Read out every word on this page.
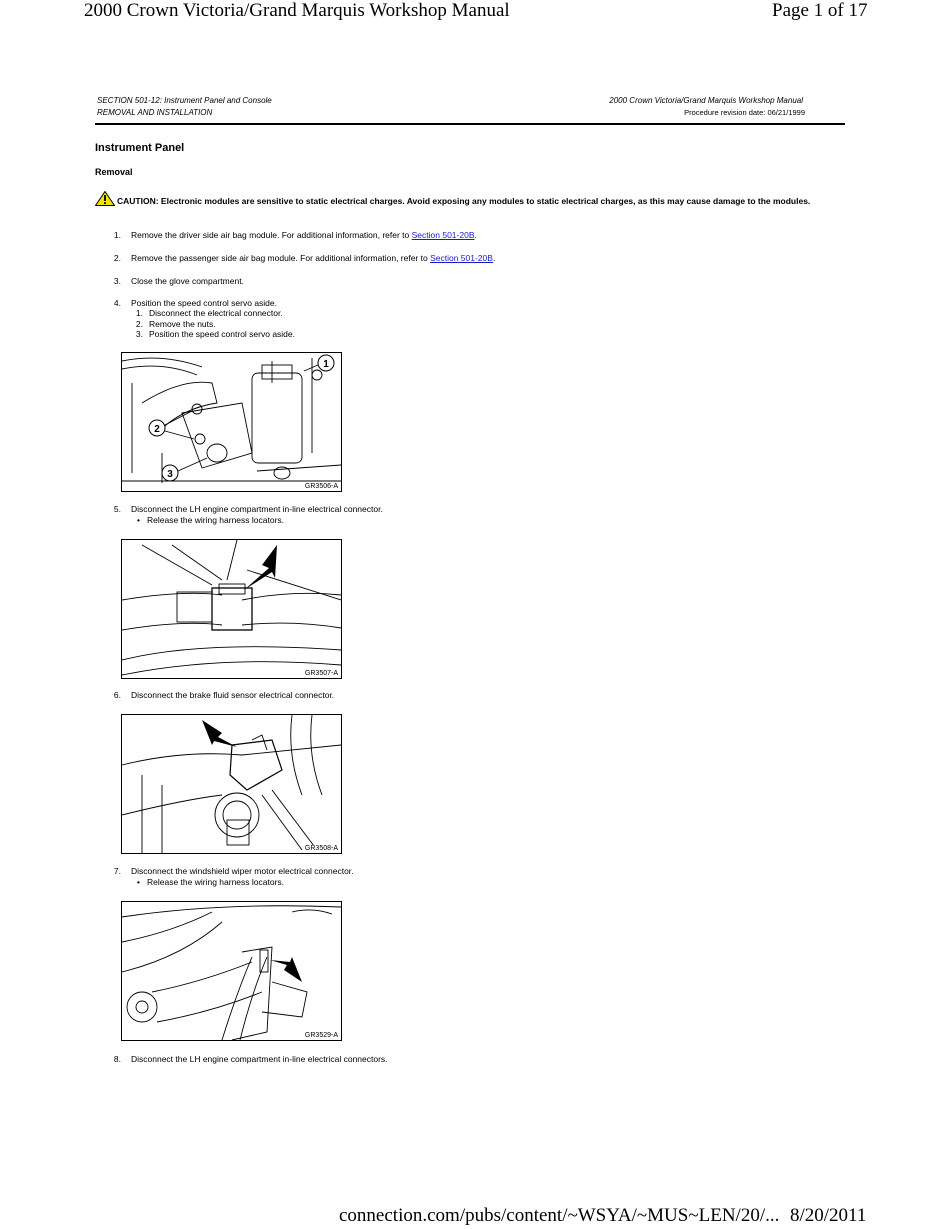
2000 Crown Victoria/Grand Marquis Workshop Manual	Page 1 of 17
SECTION 501-12: Instrument Panel and Console
REMOVAL AND INSTALLATION
2000 Crown Victoria/Grand Marquis Workshop Manual
Procedure revision date: 06/21/1999
Instrument Panel
Removal
CAUTION: Electronic modules are sensitive to static electrical charges. Avoid exposing any modules to static electrical charges, as this may cause damage to the modules.
1. Remove the driver side air bag module. For additional information, refer to Section 501-20B.
2. Remove the passenger side air bag module. For additional information, refer to Section 501-20B.
3. Close the glove compartment.
4. Position the speed control servo aside.
1. Disconnect the electrical connector.
2. Remove the nuts.
3. Position the speed control servo aside.
1
2
3
GR3506-A
5. Disconnect the LH engine compartment in-line electrical connector.
• Release the wiring harness locators.
GR3507-A
6. Disconnect the brake fluid sensor electrical connector.
GR3508-A
7. Disconnect the windshield wiper motor electrical connector.
• Release the wiring harness locators.
GR3529-A
8. Disconnect the LH engine compartment in-line electrical connectors.
connection.com/pubs/content/~WSYA/~MUS~LEN/20/... 8/20/2011
